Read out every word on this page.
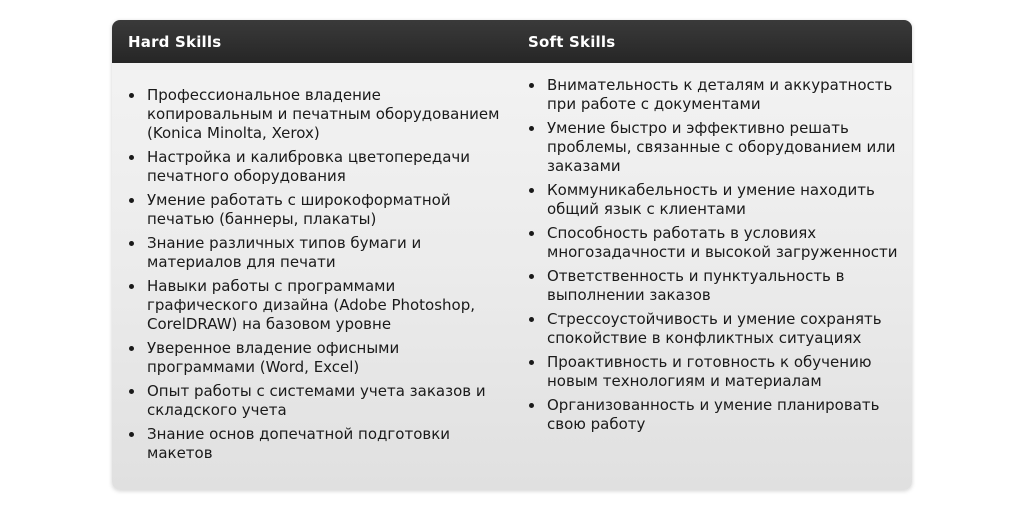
Hard Skills	Soft Skills
Профессиональное владение копировальным и печатным оборудованием (Konica Minolta, Xerox)
Настройка и калибровка цветопередачи печатного оборудования
Умение работать с широкоформатной печатью (баннеры, плакаты)
Знание различных типов бумаги и материалов для печати
Навыки работы с программами графического дизайна (Adobe Photoshop, CorelDRAW) на базовом уровне
Уверенное владение офисными программами (Word, Excel)
Опыт работы с системами учета заказов и складского учета
Знание основ допечатной подготовки макетов
Внимательность к деталям и аккуратность при работе с документами
Умение быстро и эффективно решать проблемы, связанные с оборудованием или заказами
Коммуникабельность и умение находить общий язык с клиентами
Способность работать в условиях многозадачности и высокой загруженности
Ответственность и пунктуальность в выполнении заказов
Стрессоустойчивость и умение сохранять спокойствие в конфликтных ситуациях
Проактивность и готовность к обучению новым технологиям и материалам
Организованность и умение планировать свою работу
